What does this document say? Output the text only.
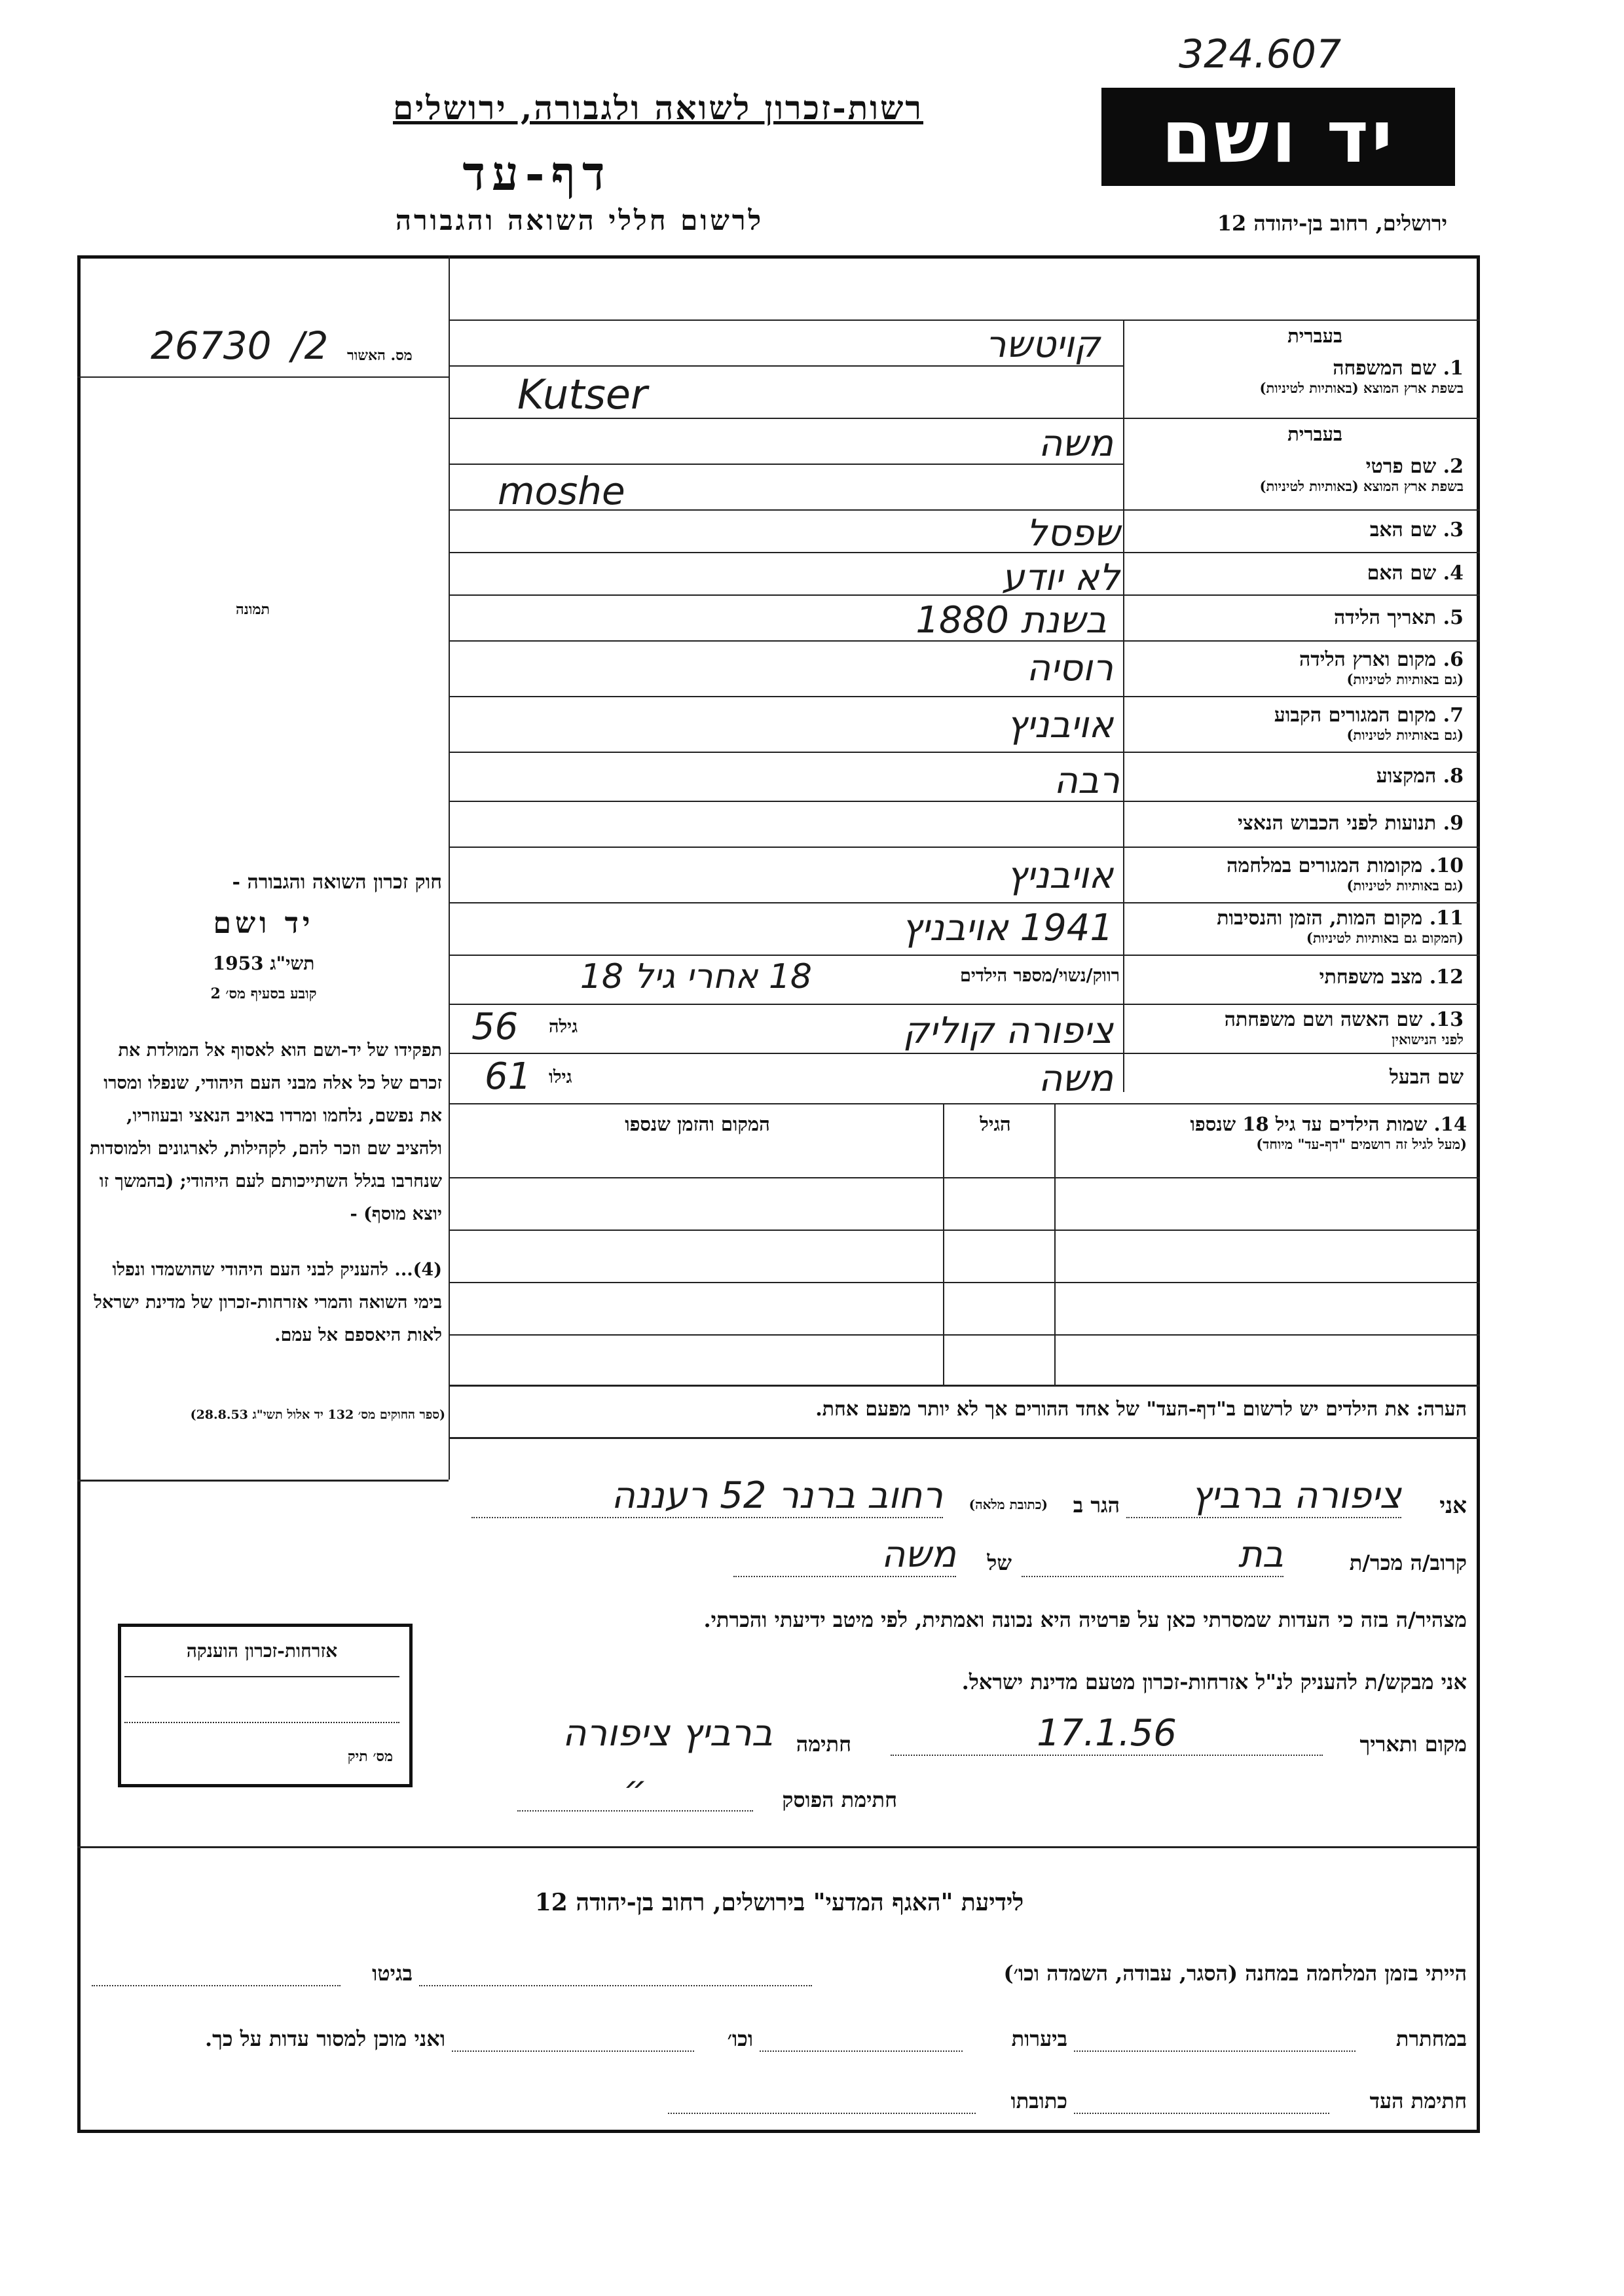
324.607
רשות-זכרון לשואה ולגבורה, ירושלים
דף-עד
לרשום חללי השואה והגבורה
יד ושם
ירושלים, רחוב בן-יהודה 12
מס. האשור
26730 /2
תמונה
בעברית
1. שם המשפחה
בשפת ארץ המוצא (באותיות לטיניות)
בעברית
2. שם פרטי
בשפת ארץ המוצא (באותיות לטיניות)
3. שם האב
4. שם האם
5. תאריך הלידה
6. מקום וארץ הלידה
(גם באותיות לטיניות)
7. מקום המגורים הקבוע
(גם באותיות לטיניות)
8. המקצוע
9. תנועות לפני הכבוש הנאצי
10. מקומות המגורים במלחמה
(גם באותיות לטיניות)
11. מקום המות, הזמן והנסיבות
(המקום גם באותיות לטיניות)
12. מצב משפחתי
13. שם האשה ושם משפחתה
לפני הנישואין
שם הבעל
קויטשר
Kutser
משה
moshe
שפסל
לא יודע
בשנת 1880
רוסיה
אויבניץ
רבה
אויבניץ
1941 אויבניץ
רווק/נשוי/מספר הילדים
18 אחרי גיל 18
ציפורה קוליק
גילה
56
משה
גילו
61
14. שמות הילדים עד גיל 18 שנספו
(מעל לגיל זה רושמים "דף-עד" מיוחד)
הגיל
המקום והזמן שנספו
חוק זכרון השואה והגבורה -
יד ושם
תשי"ג 1953
קובע בסעיף מס׳ 2
תפקידו של יד-ושם הוא לאסוף אל המולדת את זכרם של כל אלה מבני העם היהודי, שנפלו ומסרו את נפשם, נלחמו ומרדו באויב הנאצי ובעוזריו, ולהציב שם וזכר להם, לקהילות, לארגונים ולמוסדות שנחרבו בגלל השתייכותם לעם היהודי; (בהמשך זו יוצא מוסף) -
(4)... להעניק לבני העם היהודי שהושמדו ונפלו בימי השואה והמרי אזרחות-זכרון של מדינת ישראל לאות היאספם אל עמם.
(ספר החוקים מס׳ 132 יד אלול תשי"ג 28.8.53)	הערה: את הילדים יש לרשום ב"דף-העד" של אחד ההורים אך לא יותר מפעם אחת.
אני
ציפורה ברביץ
הגר ב
(כתובת מלאה)
רחוב ברנר 52 רעננה
קרוב/ה מכר/ת
בת
של
משה
מצהיר/ה בזה כי העדות שמסרתי כאן על פרטיה היא נכונה ואמתית, לפי מיטב ידיעתי והכרתי.
אני מבקש/ת להעניק לנ"ל אזרחות-זכרון מטעם מדינת ישראל.
מקום ותאריך
17.1.56
חתימה
ברביץ ציפורה
חתימת הפוסק
״
אזרחות-זכרון הוענקה
מס׳ תיק
לידיעת "האגף המדעי" בירושלים, רחוב בן-יהודה 12
הייתי בזמן המלחמה במחנה (הסגר, עבודה, השמדה וכו׳)
בגיטו
במחתרת
ביערות
וכו׳
ואני מוכן למסור עדות על כך.
חתימת העד
כתובתו
